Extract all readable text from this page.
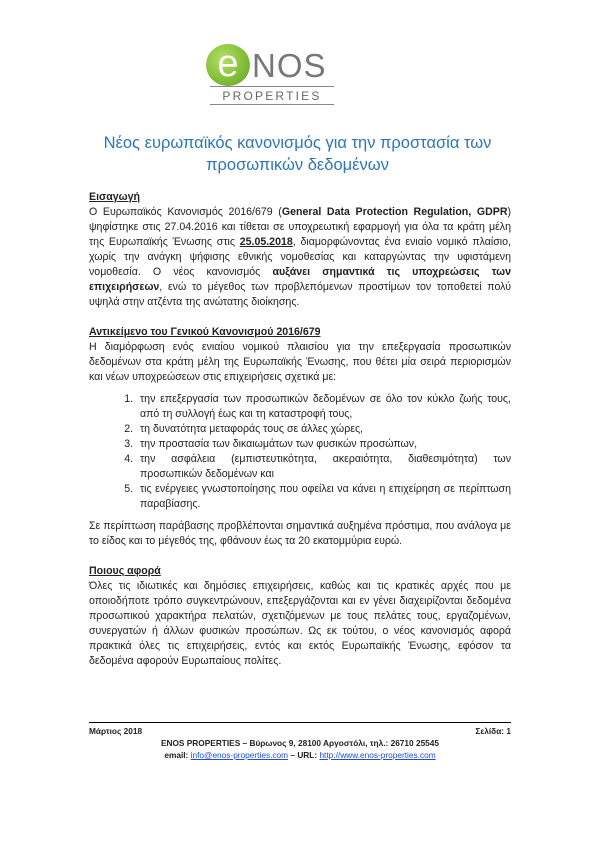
e NOS
PROPERTIES
Νέος ευρωπαϊκός κανονισμός για την προστασία των προσωπικών δεδομένων
Εισαγωγή

Ο Ευρωπαϊκός Κανονισμός 2016/679 (General Data Protection Regulation, GDPR) ψηφίστηκε στις 27.04.2016 και τίθεται σε υποχρεωτική εφαρμογή για όλα τα κράτη μέλη της Ευρωπαϊκής Ένωσης στις 25.05.2018, διαμορφώνοντας ένα ενιαίο νομικό πλαίσιο, χωρίς την ανάγκη ψήφισης εθνικής νομοθεσίας και καταργώντας την υφιστάμενη νομοθεσία. Ο νέος κανονισμός αυξάνει σημαντικά τις υποχρεώσεις των επιχειρήσεων, ενώ το μέγεθος των προβλεπόμενων προστίμων τον τοποθετεί πολύ υψηλά στην ατζέντα της ανώτατης διοίκησης.

Αντικείμενο του Γενικού Κανονισμού 2016/679

Η διαμόρφωση ενός ενιαίου νομικού πλαισίου για την επεξεργασία προσωπικών δεδομένων στα κράτη μέλη της Ευρωπαϊκής Ένωσης, που θέτει μία σειρά περιορισμών και νέων υποχρεώσεων στις επιχειρήσεις σχετικά με:

1. την επεξεργασία των προσωπικών δεδομένων σε όλο τον κύκλο ζωής τους, από τη συλλογή έως και τη καταστροφή τους,
2. τη δυνατότητα μεταφοράς τους σε άλλες χώρες,
3. την προστασία των δικαιωμάτων των φυσικών προσώπων,
4. την ασφάλεια (εμπιστευτικότητα, ακεραιότητα, διαθεσιμότητα) των προσωπικών δεδομένων και
5. τις ενέργειες γνωστοποίησης που οφείλει να κάνει η επιχείρηση σε περίπτωση παραβίασης.

Σε περίπτωση παράβασης προβλέπονται σημαντικά αυξημένα πρόστιμα, που ανάλογα με το είδος και το μέγεθός της, φθάνουν έως τα 20 εκατομμύρια ευρώ.

Ποιους αφορά

Όλες τις ιδιωτικές και δημόσιες επιχειρήσεις, καθώς και τις κρατικές αρχές που με οποιοδήποτε τρόπο συγκεντρώνουν, επεξεργάζονται και εν γένει διαχειρίζονται δεδομένα προσωπικού χαρακτήρα πελατών, σχετιζόμενων με τους πελάτες τους, εργαζομένων, συνεργατών ή άλλων φυσικών προσώπων. Ως εκ τούτου, ο νέος κανονισμός αφορά πρακτικά όλες τις επιχειρήσεις, εντός και εκτός Ευρωπαϊκής Ένωσης, εφόσον τα δεδομένα αφορούν Ευρωπαίους πολίτες.

Μάρτιος 2018	Σελίδα: 1
ENOS PROPERTIES – Βύρωνος 9, 28100 Αργοστόλι, τηλ.: 26710 25545
email: info@enos-properties.com – URL: http://www.enos-properties.com
